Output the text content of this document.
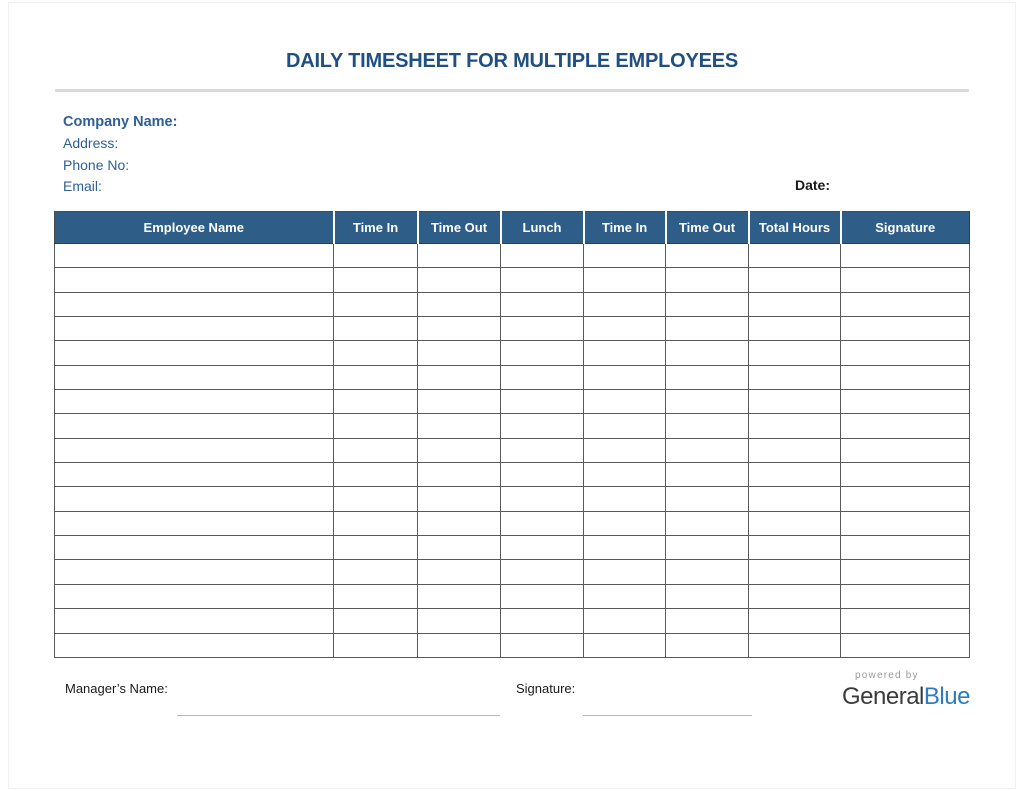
DAILY TIMESHEET FOR MULTIPLE EMPLOYEES
Company Name:
Address:
Phone No:
Email:	Date:
Employee Name	Time In	Time Out	Lunch	Time In	Time Out	Total Hours	Signature

Manager’s Name:	Signature:
powered by
GeneralBlue
